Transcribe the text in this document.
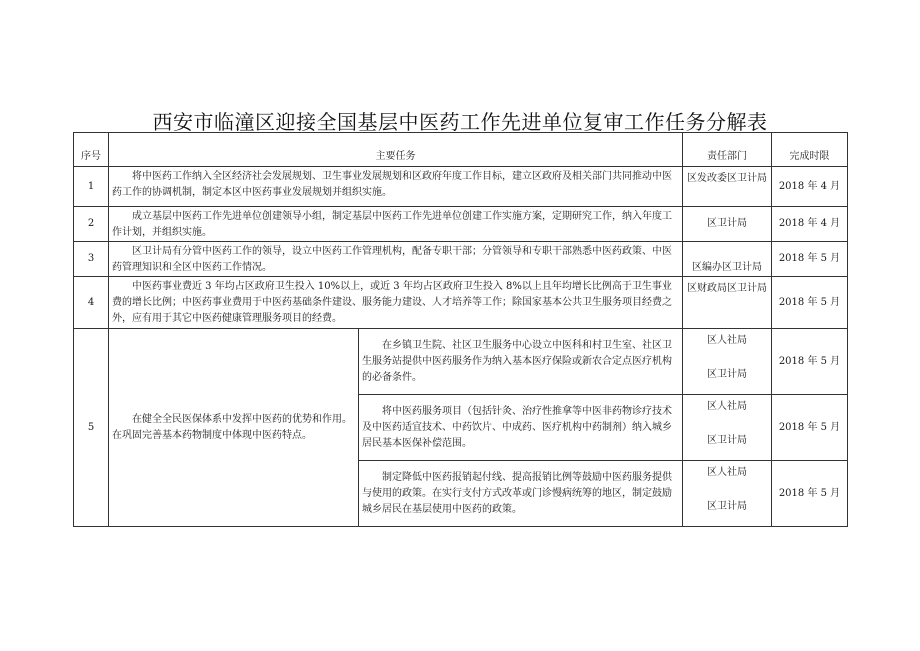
西安市临潼区迎接全国基层中医药工作先进单位复审工作任务分解表
序号	主要任务		责任部门	完成时限
1	将中医药工作纳入全区经济社会发展规划、卫生事业发展规划和区政府年度工作目标，建立区政府及相关部门共同推动中医药工作的协调机制，制定本区中医药事业发展规划并组织实施。		区发改委区卫计局	2018 年 4 月
2	成立基层中医药工作先进单位创建领导小组，制定基层中医药工作先进单位创建工作实施方案，定期研究工作，纳入年度工作计划，并组织实施。		区卫计局	2018 年 4 月
3	区卫计局有分管中医药工作的领导，设立中医药工作管理机构，配备专职干部；分管领导和专职干部熟悉中医药政策、中医药管理知识和全区中医药工作情况。		区编办区卫计局	2018 年 5 月
4	中医药事业费近 3 年均占区政府卫生投入 10%以上，或近 3 年均占区政府卫生投入 8%以上且年均增长比例高于卫生事业费的增长比例；中医药事业费用于中医药基础条件建设、服务能力建设、人才培养等工作；除国家基本公共卫生服务项目经费之外，应有用于其它中医药健康管理服务项目的经费。		区财政局区卫计局	2018 年 5 月
5	在健全全民医保体系中发挥中医药的优势和作用。在巩固完善基本药物制度中体现中医药特点。	在乡镇卫生院、社区卫生服务中心设立中医科和村卫生室、社区卫生服务站提供中医药服务作为纳入基本医疗保险或新农合定点医疗机构的必备条件。	区人社局
区卫计局	2018 年 5 月
		将中医药服务项目（包括针灸、治疗性推拿等中医非药物诊疗技术及中医药适宜技术、中药饮片、中成药、医疗机构中药制剂）纳入城乡居民基本医保补偿范围。	区人社局
区卫计局	2018 年 5 月
		制定降低中医药报销起付线、提高报销比例等鼓励中医药服务提供与使用的政策。在实行支付方式改革或门诊慢病统筹的地区，制定鼓励城乡居民在基层使用中医药的政策。	区人社局
区卫计局	2018 年 5 月
